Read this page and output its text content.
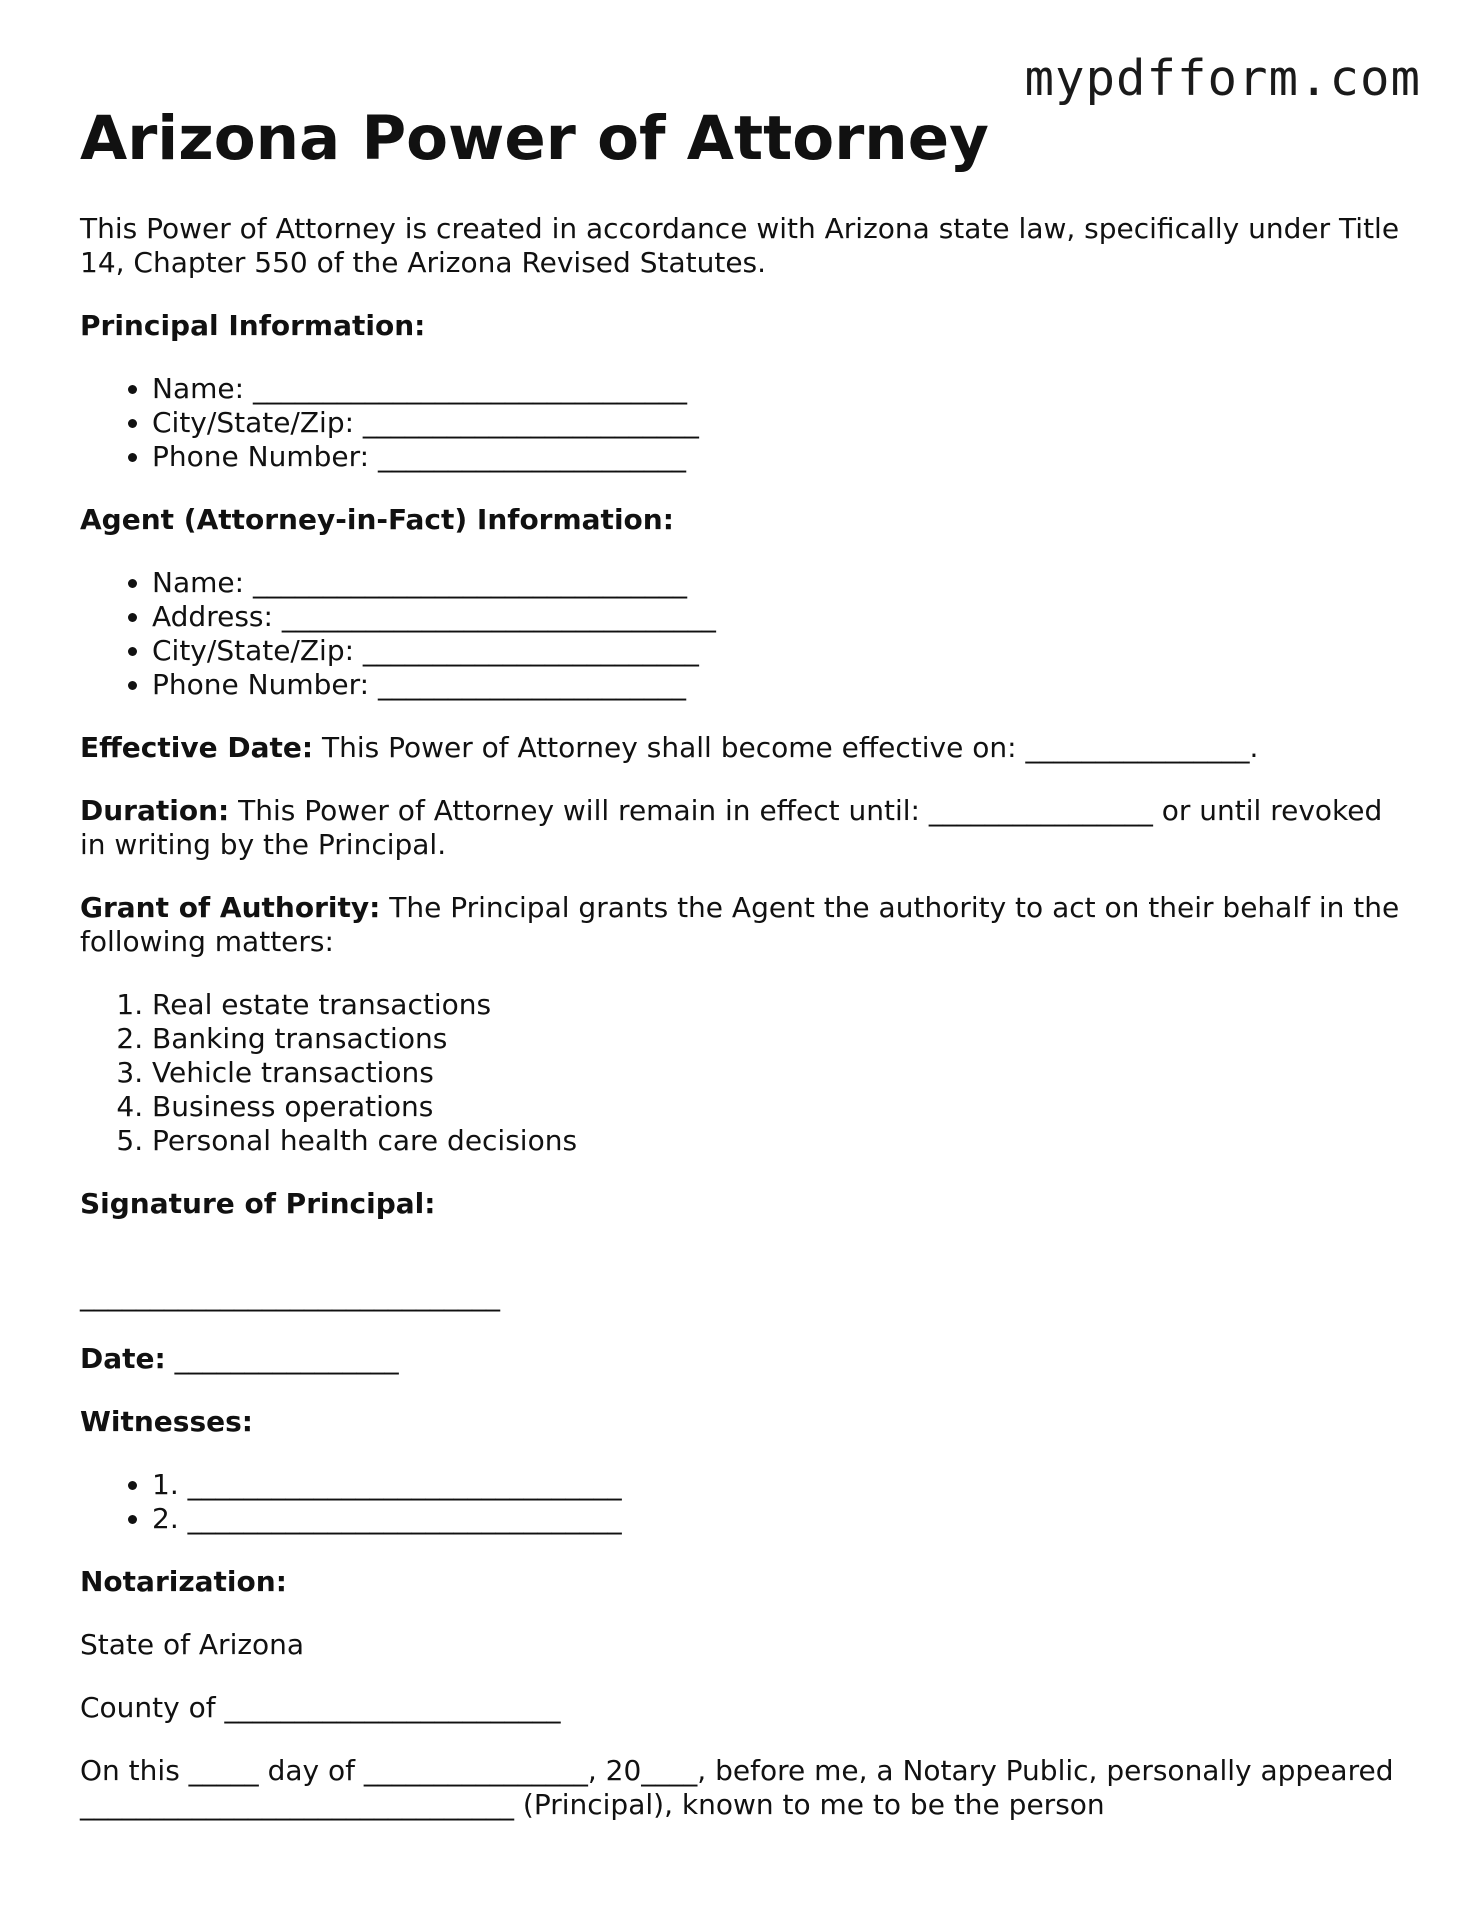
mypdfform.com
Arizona Power of Attorney

This Power of Attorney is created in accordance with Arizona state law, specifically under Title 14, Chapter 550 of the Arizona Revised Statutes.

Principal Information:

• Name: _______________________________
• City/State/Zip: ________________________
• Phone Number: ______________________

Agent (Attorney-in-Fact) Information:

• Name: _______________________________
• Address: _______________________________
• City/State/Zip: ________________________
• Phone Number: ______________________

Effective Date: This Power of Attorney shall become effective on: ________________.

Duration: This Power of Attorney will remain in effect until: ________________ or until revoked in writing by the Principal.

Grant of Authority: The Principal grants the Agent the authority to act on their behalf in the following matters:

1. Real estate transactions
2. Banking transactions
3. Vehicle transactions
4. Business operations
5. Personal health care decisions

Signature of Principal:

______________________________

Date: ________________

Witnesses:

• 1. _______________________________
• 2. _______________________________

Notarization:

State of Arizona

County of ________________________

On this _____ day of ________________, 20____, before me, a Notary Public, personally appeared _______________________________ (Principal), known to me to be the person
